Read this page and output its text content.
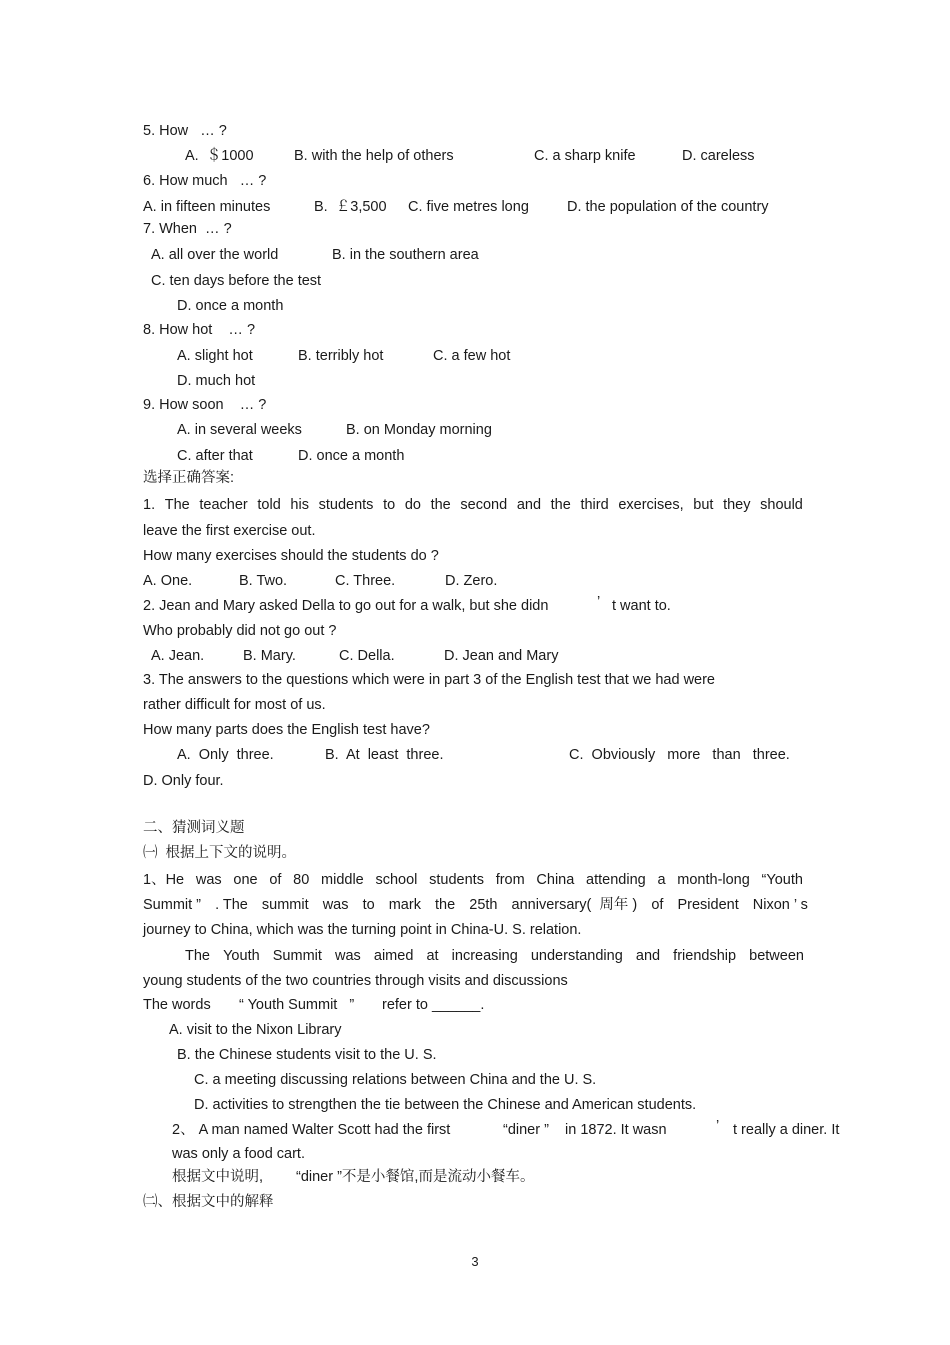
5. How   … ?
A.  ＄1000	B. with the help of others	C. a sharp knife	D. careless
6. How much   … ?
A. in fifteen minutes	B.  ￡3,500 C. five metres long	D. the population of the country
7. When  … ?
A. all over the world	B. in the southern area
C. ten days before the test
D. once a month
8. How hot    … ?
A. slight hot	B. terribly hot	C. a few hot
D. much hot
9. How soon    … ?
A. in several weeks	B. on Monday morning
C. after that	D. once a month
选择正确答案:
1. The teacher told his students to do the second and the third exercises, but they should
leave the first exercise out.
How many exercises should the students do ?
A. One.	B. Two.	C. Three.	D. Zero.
2. Jean and Mary asked Della to go out for a walk, but she didn	’ t want to.
Who probably did not go out ?
A. Jean.	B. Mary.	C. Della.	D. Jean and Mary
3. The answers to the questions which were in part 3 of the English test that we had were
rather difficult for most of us.
How many parts does the English test have?
A.  Only  three.	B.  At  least  three.	C.  Obviously   more   than   three.
D. Only four.
二、猜测词义题
㈠  根据上下文的说明。
1、He was one of 80 middle school students from China attending a month-long “Youth
Summit ” . The summit was to mark the 25th anniversary(  周年 ) of President Nixon ’ s
journey to China, which was the turning point in China-U. S. relation.
The Youth Summit was aimed at increasing understanding and friendship between
young students of the two countries through visits and discussions
The words “ Youth Summit   ” refer to ______.
A. visit to the Nixon Library
B. the Chinese students visit to the U. S.
C. a meeting discussing relations between China and the U. S.
D. activities to strengthen the tie between the Chinese and American students.
2、 A man named Walter Scott had the first	“diner ” in 1872. It wasn	’ t really a diner. It
was only a food cart.
根据文中说明, “diner ”不是小餐馆,而是流动小餐车。
㈡、根据文中的解释
3
